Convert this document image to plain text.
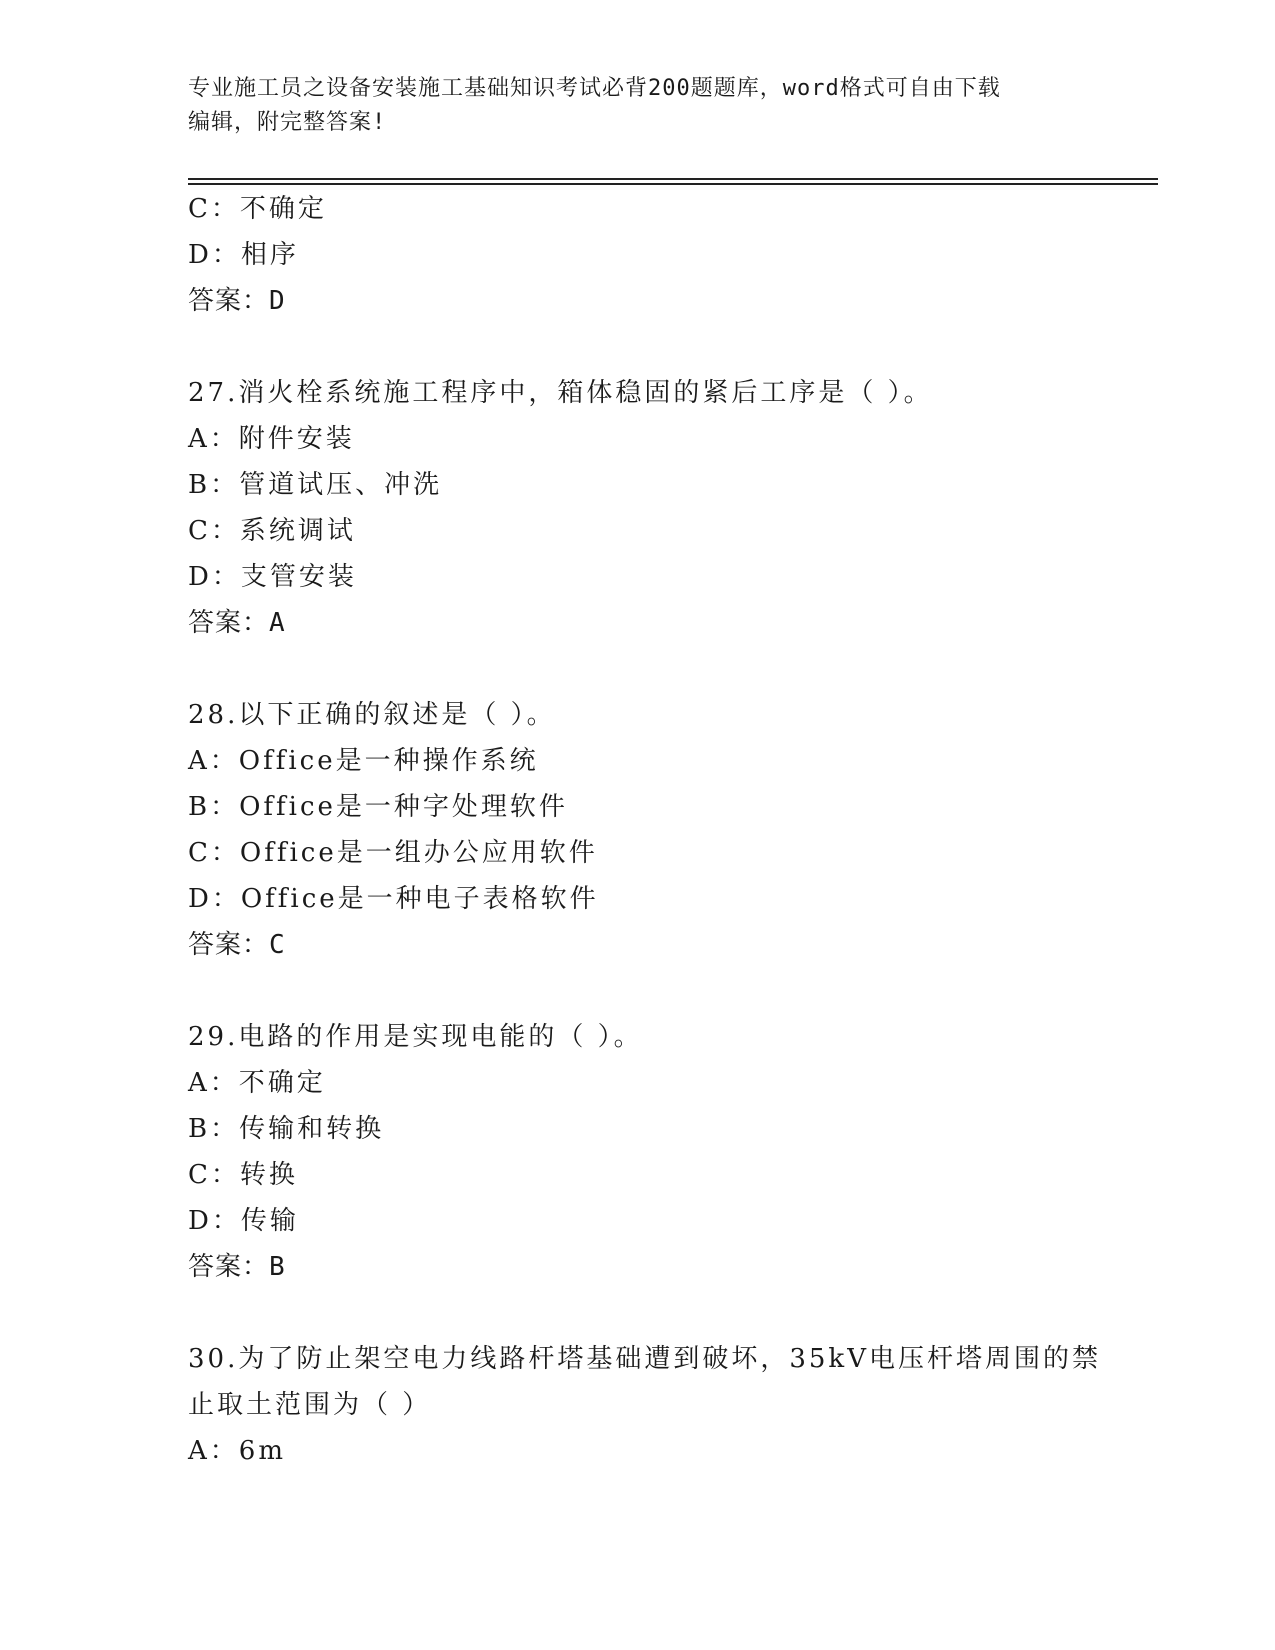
专业施工员之设备安装施工基础知识考试必背200题题库，word格式可自由下载
编辑，附完整答案!
C：不确定
D：相序
答案：D
27.消火栓系统施工程序中，箱体稳固的紧后工序是（ ）。
A：附件安装
B：管道试压、冲洗
C：系统调试
D：支管安装
答案：A
28.以下正确的叙述是（ ）。
A：Office是一种操作系统
B：Office是一种字处理软件
C：Office是一组办公应用软件
D：Office是一种电子表格软件
答案：C
29.电路的作用是实现电能的（ ）。
A：不确定
B：传输和转换
C：转换
D：传输
答案：B
30.为了防止架空电力线路杆塔基础遭到破坏，35kV电压杆塔周围的禁
止取土范围为（ ）
A：6m
